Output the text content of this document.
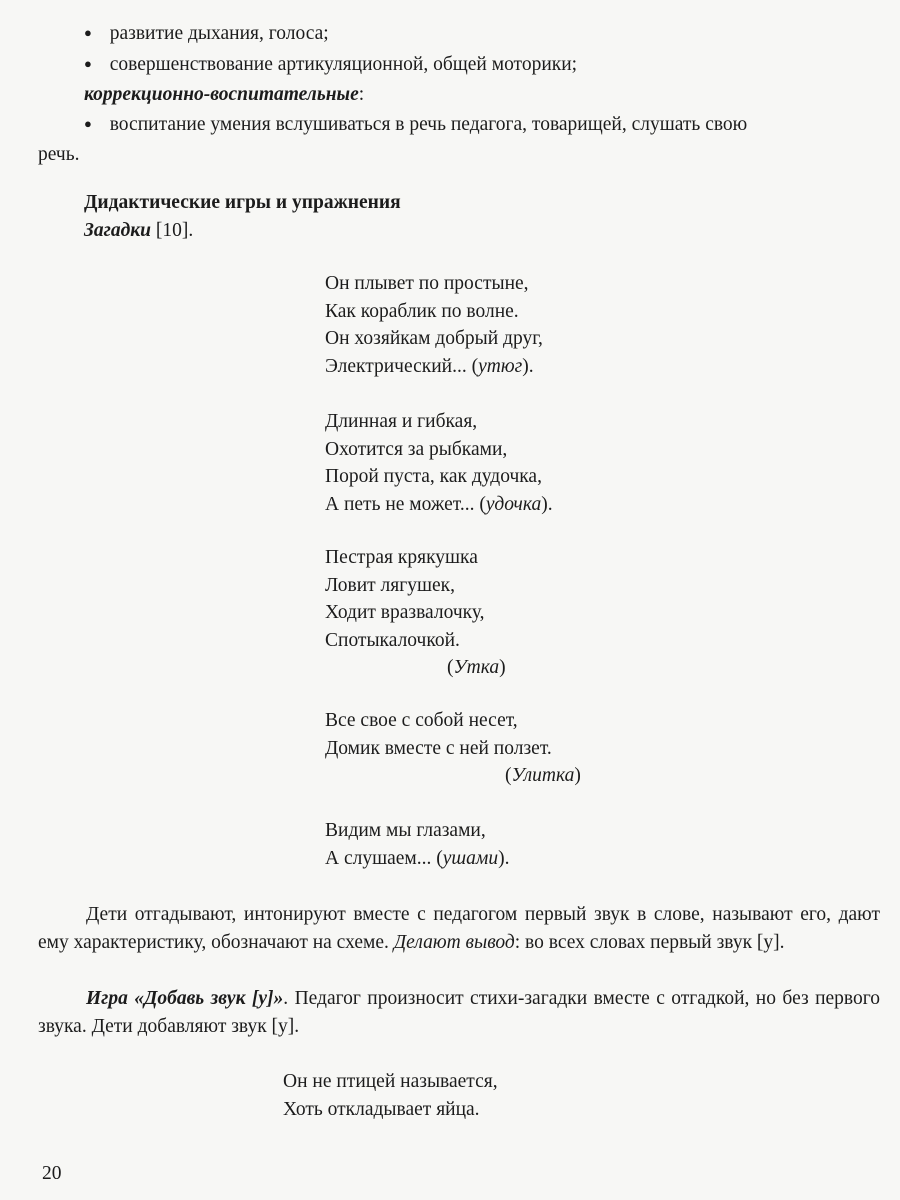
● развитие дыхания, голоса;
● совершенствование артикуляционной, общей моторики;
коррекционно-воспитательные:
● воспитание умения вслушиваться в речь педагога, товарищей, слушать свою
речь.
Дидактические игры и упражнения
Загадки [10].
Он плывет по простыне,
Как кораблик по волне.
Он хозяйкам добрый друг,
Электрический... (утюг).
Длинная и гибкая,
Охотится за рыбками,
Порой пуста, как дудочка,
А петь не может... (удочка).
Пестрая крякушка
Ловит лягушек,
Ходит вразвалочку,
Спотыкалочкой.
(Утка)
Все свое с собой несет,
Домик вместе с ней ползет.
(Улитка)
Видим мы глазами,
А слушаем... (ушами).
Дети отгадывают, интонируют вместе с педагогом первый звук в слове, называют его, дают ему характеристику, обозначают на схеме. Делают вывод: во всех словах первый звук [у].
Игра «Добавь звук [у]». Педагог произносит стихи-загадки вместе с отгадкой, но без первого звука. Дети добавляют звук [у].
Он не птицей называется,
Хоть откладывает яйца.
20
